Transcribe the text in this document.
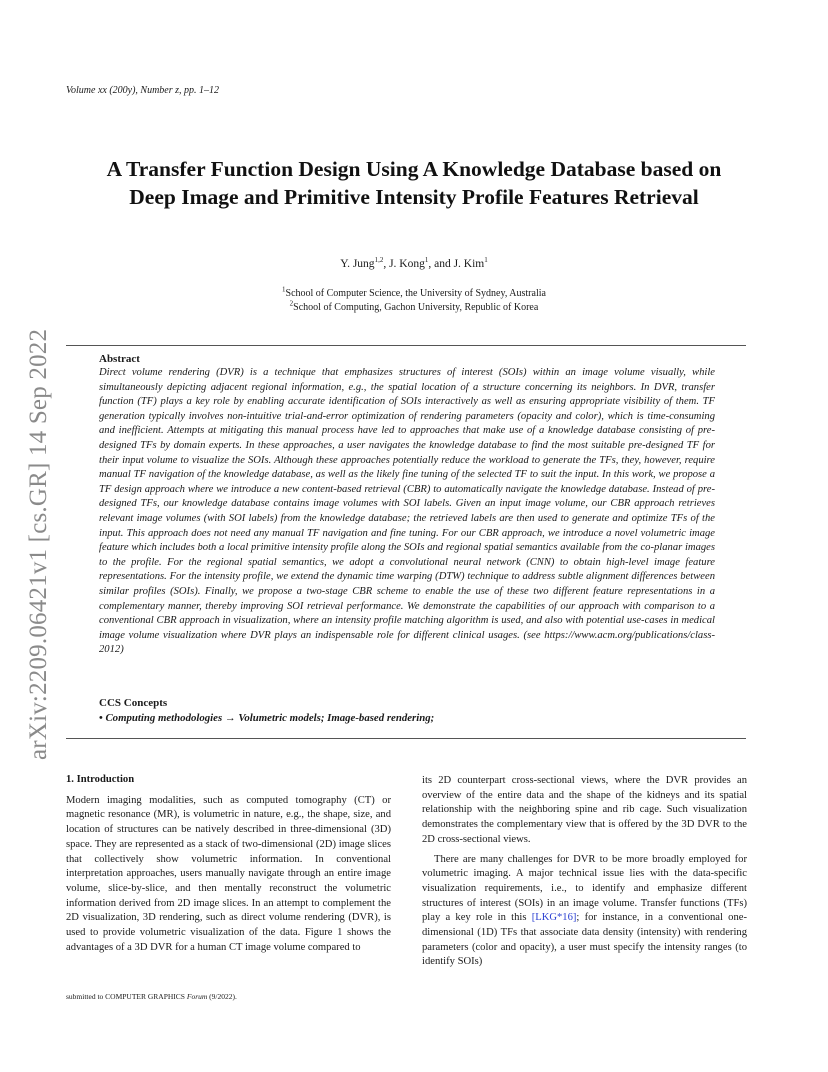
Volume xx (200y), Number z, pp. 1–12
A Transfer Function Design Using A Knowledge Database based on
Deep Image and Primitive Intensity Profile Features Retrieval
Y. Jung$^{1,2}$, J. Kong$^1$, and J. Kim$^1$
$^1$School of Computer Science, the University of Sydney, Australia
$^2$School of Computing, Gachon University, Republic of Korea
arXiv:2209.06421v1 [cs.GR] 14 Sep 2022	Abstract
Direct volume rendering (DVR) is a technique that emphasizes structures of interest (SOIs) within an image volume visually, while simultaneously depicting adjacent regional information, e.g., the spatial location of a structure concerning its neighbors. In DVR, transfer function (TF) plays a key role by enabling accurate identification of SOIs interactively as well as ensuring appropriate visibility of them. TF generation typically involves non-intuitive trial-and-error optimization of rendering parameters (opacity and color), which is time-consuming and inefficient. Attempts at mitigating this manual process have led to approaches that make use of a knowledge database consisting of pre-designed TFs by domain experts. In these approaches, a user navigates the knowledge database to find the most suitable pre-designed TF for their input volume to visualize the SOIs. Although these approaches potentially reduce the workload to generate the TFs, they, however, require manual TF navigation of the knowledge database, as well as the likely fine tuning of the selected TF to suit the input. In this work, we propose a TF design approach where we introduce a new content-based retrieval (CBR) to automatically navigate the knowledge database. Instead of pre-designed TFs, our knowledge database contains image volumes with SOI labels. Given an input image volume, our CBR approach retrieves relevant image volumes (with SOI labels) from the knowledge database; the retrieved labels are then used to generate and optimize TFs of the input. This approach does not need any manual TF navigation and fine tuning. For our CBR approach, we introduce a novel volumetric image feature which includes both a local primitive intensity profile along the SOIs and regional spatial semantics available from the co-planar images to the profile. For the regional spatial semantics, we adopt a convolutional neural network (CNN) to obtain high-level image feature representations. For the intensity profile, we extend the dynamic time warping (DTW) technique to address subtle alignment differences between similar profiles (SOIs). Finally, we propose a two-stage CBR scheme to enable the use of these two different feature representations in a complementary manner, thereby improving SOI retrieval performance. We demonstrate the capabilities of our approach with comparison to a conventional CBR approach in visualization, where an intensity profile matching algorithm is used, and also with potential use-cases in medical image volume visualization where DVR plays an indispensable role for different clinical usages. (see https://www.acm.org/publications/class-2012)
CCS Concepts
• Computing methodologies → Volumetric models; Image-based rendering;
1. Introduction

Modern imaging modalities, such as computed tomography (CT) or magnetic resonance (MR), is volumetric in nature, e.g., the shape, size, and location of structures can be natively described in three-dimensional (3D) space. They are represented as a stack of two-dimensional (2D) image slices that collectively show volumetric information. In conventional interpretation approaches, users manually navigate through an entire image volume, slice-by-slice, and then mentally reconstruct the volumetric information derived from 2D image slices. In an attempt to complement the 2D visualization, 3D rendering, such as direct volume rendering (DVR), is used to provide volumetric visualization of the data. Figure 1 shows the advantages of a 3D DVR for a human CT image volume compared to

its 2D counterpart cross-sectional views, where the DVR provides an overview of the entire data and the shape of the kidneys and its spatial relationship with the neighboring spine and rib cage. Such visualization demonstrates the complementary view that is offered by the 3D DVR to the 2D cross-sectional views.

There are many challenges for DVR to be more broadly employed for volumetric imaging. A major technical issue lies with the data-specific visualization requirements, i.e., to identify and emphasize different structures of interest (SOIs) in an image volume. Transfer functions (TFs) play a key role in this [LKG*16]; for instance, in a conventional one-dimensional (1D) TFs that associate data density (intensity) with rendering parameters (color and opacity), a user must specify the intensity ranges (to identify SOIs)

submitted to COMPUTER GRAPHICS Forum (9/2022).
